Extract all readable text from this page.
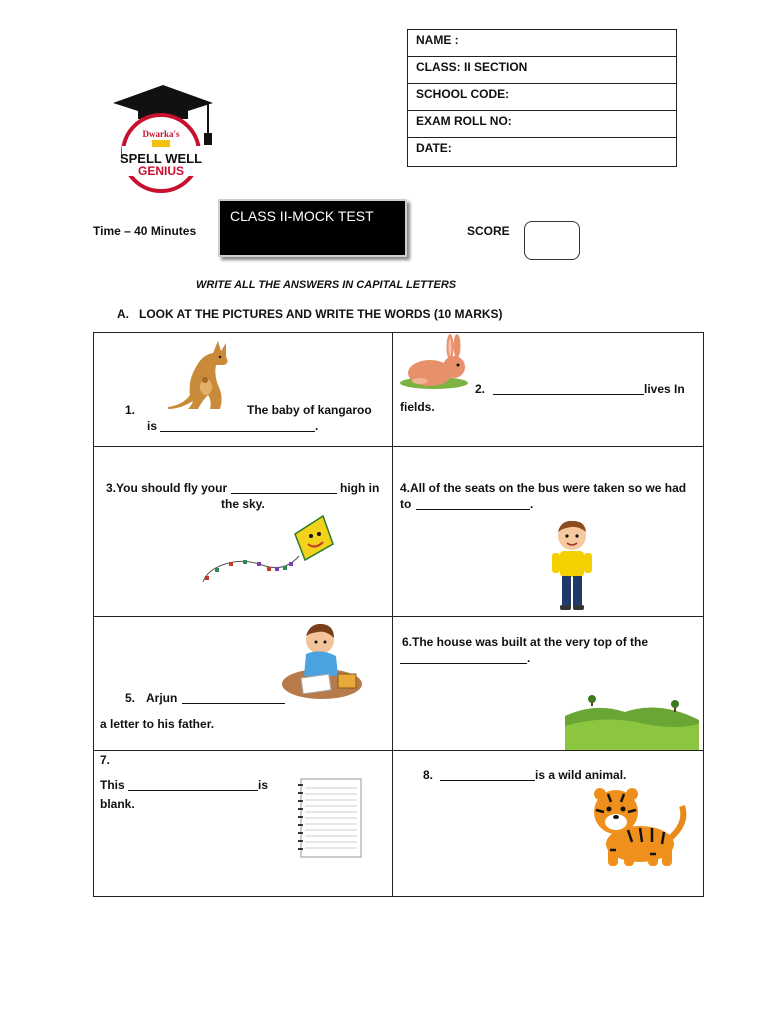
Dwarka's
SPELL WELL
GENIUS
NAME :
CLASS: II SECTION
SCHOOL CODE:
EXAM ROLL NO:
DATE:
Time – 40 Minutes
CLASS II-MOCK TEST
SCORE
WRITE ALL THE ANSWERS IN CAPITAL LETTERS
A.   LOOK AT THE PICTURES AND WRITE THE WORDS (10 MARKS)
1.	The baby of kangaroo
is	.
2.	lives In
fields.
3.You should fly your	high in
the sky.
4.All of the seats on the bus were taken so we had
to	.
5. Arjun
a letter to his father.
6.The house was built at the very top of the
.
7.
This	is
blank.
8.	is a wild animal.
